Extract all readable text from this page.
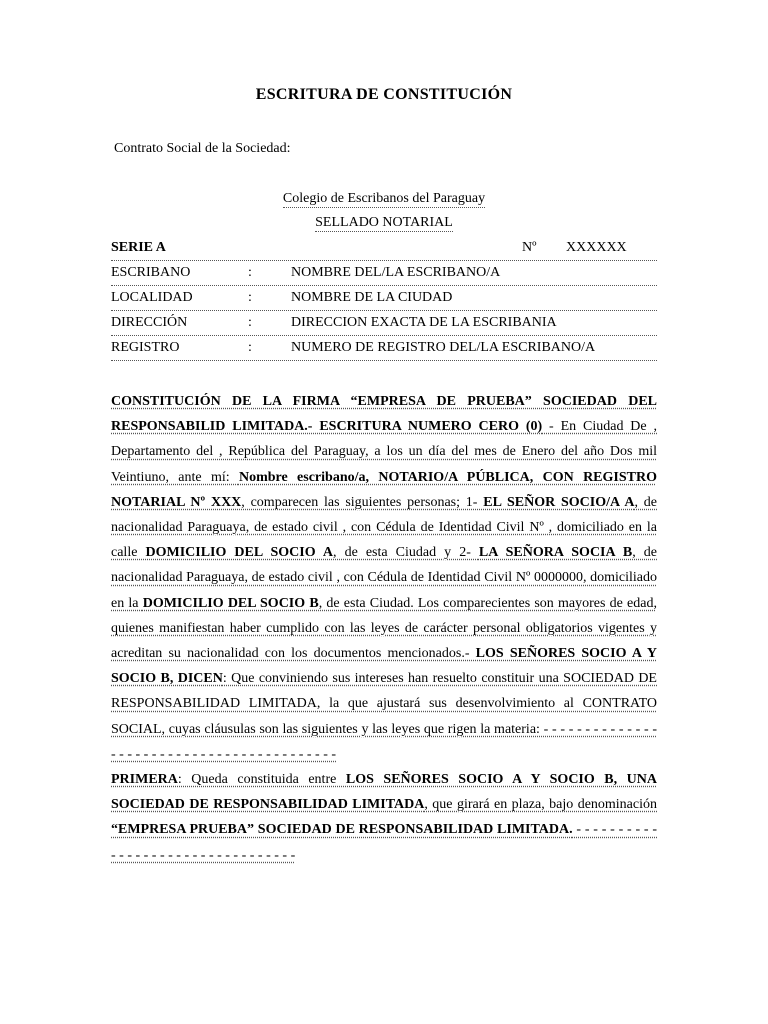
ESCRITURA DE CONSTITUCIÓN
Contrato Social de la Sociedad:
Colegio de Escribanos del Paraguay
SELLADO NOTARIAL
SERIE A	Nº XXXXXX
ESCRIBANO	:	NOMBRE DEL/LA ESCRIBANO/A
LOCALIDAD	:	NOMBRE DE LA CIUDAD
DIRECCIÓN	:	DIRECCION EXACTA DE LA ESCRIBANIA
REGISTRO	:	NUMERO DE REGISTRO DEL/LA ESCRIBANO/A

CONSTITUCIÓN DE LA FIRMA “EMPRESA DE PRUEBA” SOCIEDAD DEL RESPONSABILID LIMITADA.- ESCRITURA NUMERO CERO (0) - En Ciudad De , Departamento del , República del Paraguay, a los un día del mes de Enero del año Dos mil Veintiuno, ante mí: Nombre escribano/a, NOTARIO/A PÚBLICA, CON REGISTRO NOTARIAL Nº XXX, comparecen las siguientes personas; 1- EL SEÑOR SOCIO/A A, de nacionalidad Paraguaya, de estado civil , con Cédula de Identidad Civil Nº , domiciliado en la calle DOMICILIO DEL SOCIO A, de esta Ciudad y 2- LA SEÑORA SOCIA B, de nacionalidad Paraguaya, de estado civil , con Cédula de Identidad Civil Nº 0000000, domiciliado en la DOMICILIO DEL SOCIO B, de esta Ciudad. Los comparecientes son mayores de edad, quienes manifiestan haber cumplido con las leyes de carácter personal obligatorios vigentes y acreditan su nacionalidad con los documentos mencionados.- LOS SEÑORES SOCIO A Y SOCIO B, DICEN: Que conviniendo sus intereses han resuelto constituir una SOCIEDAD DE RESPONSABILIDAD LIMITADA, la que ajustará sus desenvolvimiento al CONTRATO SOCIAL, cuyas cláusulas son las siguientes y las leyes que rigen la materia: - - - - - - - - - - - - - - - - - - - - - - - - - - - - - - - - - - - - - - - - - -

PRIMERA: Queda constituida entre LOS SEÑORES SOCIO A Y SOCIO B, UNA SOCIEDAD DE RESPONSABILIDAD LIMITADA, que girará en plaza, bajo denominación “EMPRESA PRUEBA” SOCIEDAD DE RESPONSABILIDAD LIMITADA. - - - - - - - - - - - - - - - - - - - - - - - - - - - - - - - - -
